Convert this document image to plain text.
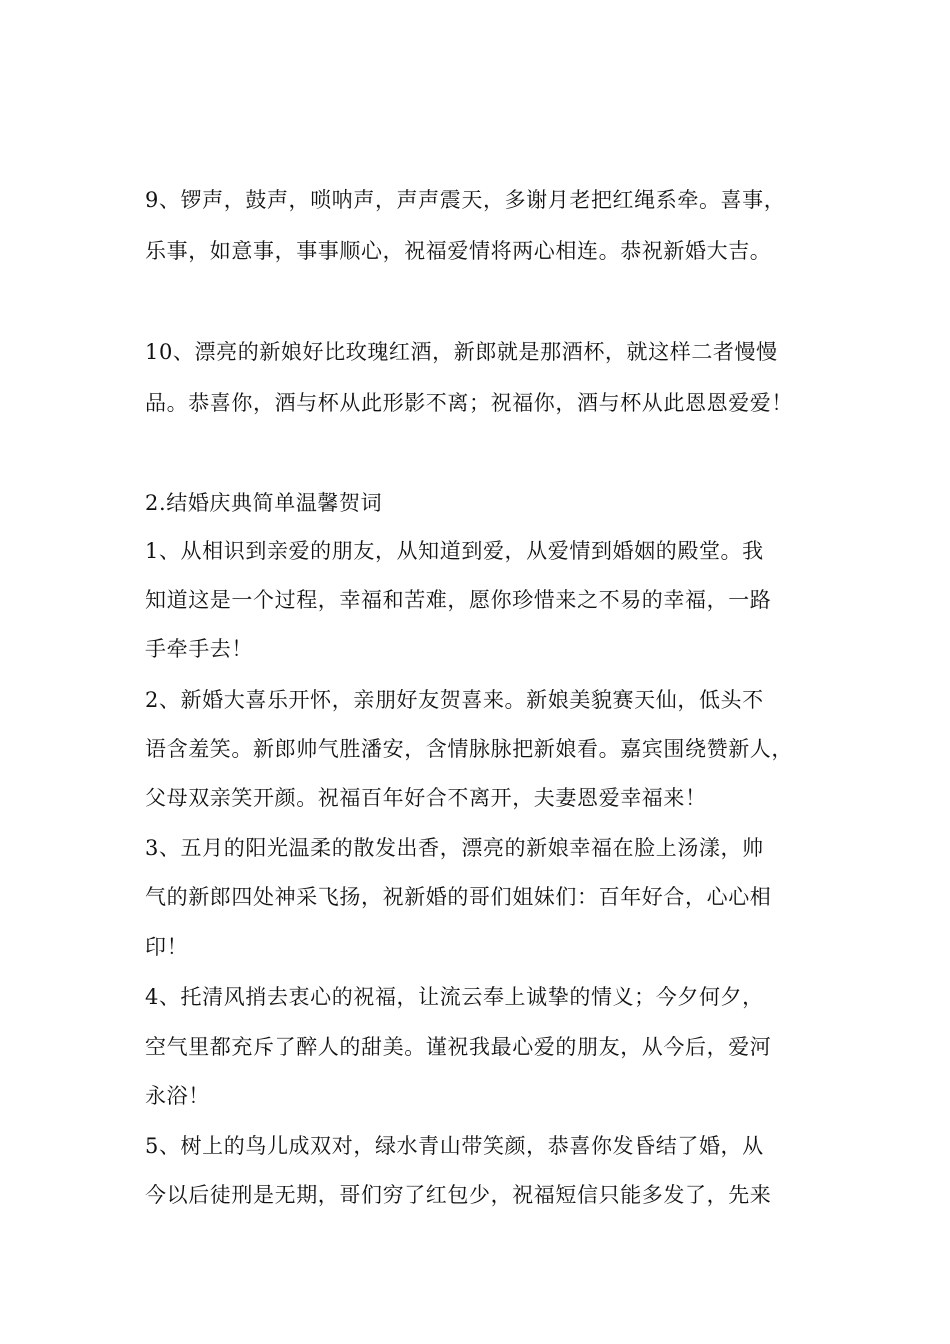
9、锣声，鼓声，唢呐声，声声震天，多谢月老把红绳系牵。喜事，
乐事，如意事，事事顺心，祝福爱情将两心相连。恭祝新婚大吉。
10、漂亮的新娘好比玫瑰红酒，新郎就是那酒杯，就这样二者慢慢
品。恭喜你，酒与杯从此形影不离；祝福你，酒与杯从此恩恩爱爱！
2.结婚庆典简单温馨贺词
1、从相识到亲爱的朋友，从知道到爱，从爱情到婚姻的殿堂。我
知道这是一个过程，幸福和苦难，愿你珍惜来之不易的幸福，一路
手牵手去！
2、新婚大喜乐开怀，亲朋好友贺喜来。新娘美貌赛天仙，低头不
语含羞笑。新郎帅气胜潘安，含情脉脉把新娘看。嘉宾围绕赞新人，
父母双亲笑开颜。祝福百年好合不离开，夫妻恩爱幸福来！
3、五月的阳光温柔的散发出香，漂亮的新娘幸福在脸上汤漾，帅
气的新郎四处神采飞扬，祝新婚的哥们姐妹们：百年好合，心心相
印！
4、托清风捎去衷心的祝福，让流云奉上诚挚的情义；今夕何夕，
空气里都充斥了醉人的甜美。谨祝我最心爱的朋友，从今后，爱河
永浴！
5、树上的鸟儿成双对，绿水青山带笑颜，恭喜你发昏结了婚，从
今以后徒刑是无期，哥们穷了红包少，祝福短信只能多发了，先来
